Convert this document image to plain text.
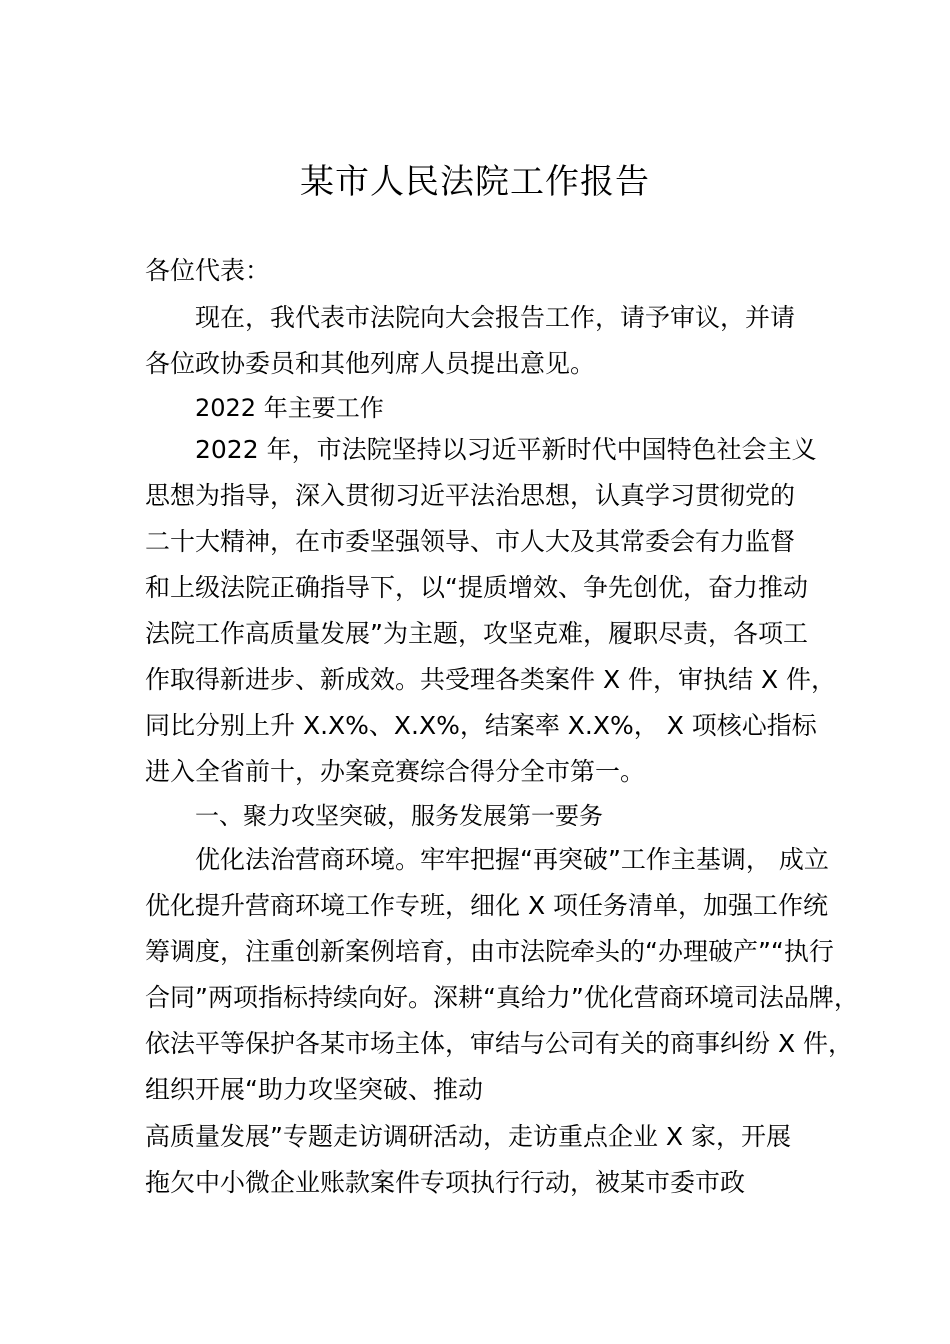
某市人民法院工作报告
各位代表：
现在，我代表市法院向大会报告工作，请予审议，并请
各位政协委员和其他列席人员提出意见。
2022 年主要工作
2022 年，市法院坚持以习近平新时代中国特色社会主义
思想为指导，深入贯彻习近平法治思想，认真学习贯彻党的
二十大精神，在市委坚强领导、市人大及其常委会有力监督
和上级法院正确指导下，以“提质增效、争先创优，奋力推动
法院工作高质量发展”为主题，攻坚克难，履职尽责，各项工
作取得新进步、新成效。共受理各类案件 X 件，审执结 X 件，
同比分别上升 X.X%、X.X%，结案率 X.X%， X 项核心指标
进入全省前十，办案竞赛综合得分全市第一。
一、聚力攻坚突破，服务发展第一要务
优化法治营商环境。牢牢把握“再突破”工作主基调， 成立
优化提升营商环境工作专班，细化 X 项任务清单，加强工作统
筹调度，注重创新案例培育，由市法院牵头的“办理破产”“执行
合同”两项指标持续向好。深耕“真给力”优化营商环境司法品牌，
依法平等保护各某市场主体，审结与公司有关的商事纠纷 X 件，
组织开展“助力攻坚突破、推动
高质量发展”专题走访调研活动，走访重点企业 X 家，开展
拖欠中小微企业账款案件专项执行行动，被某市委市政
